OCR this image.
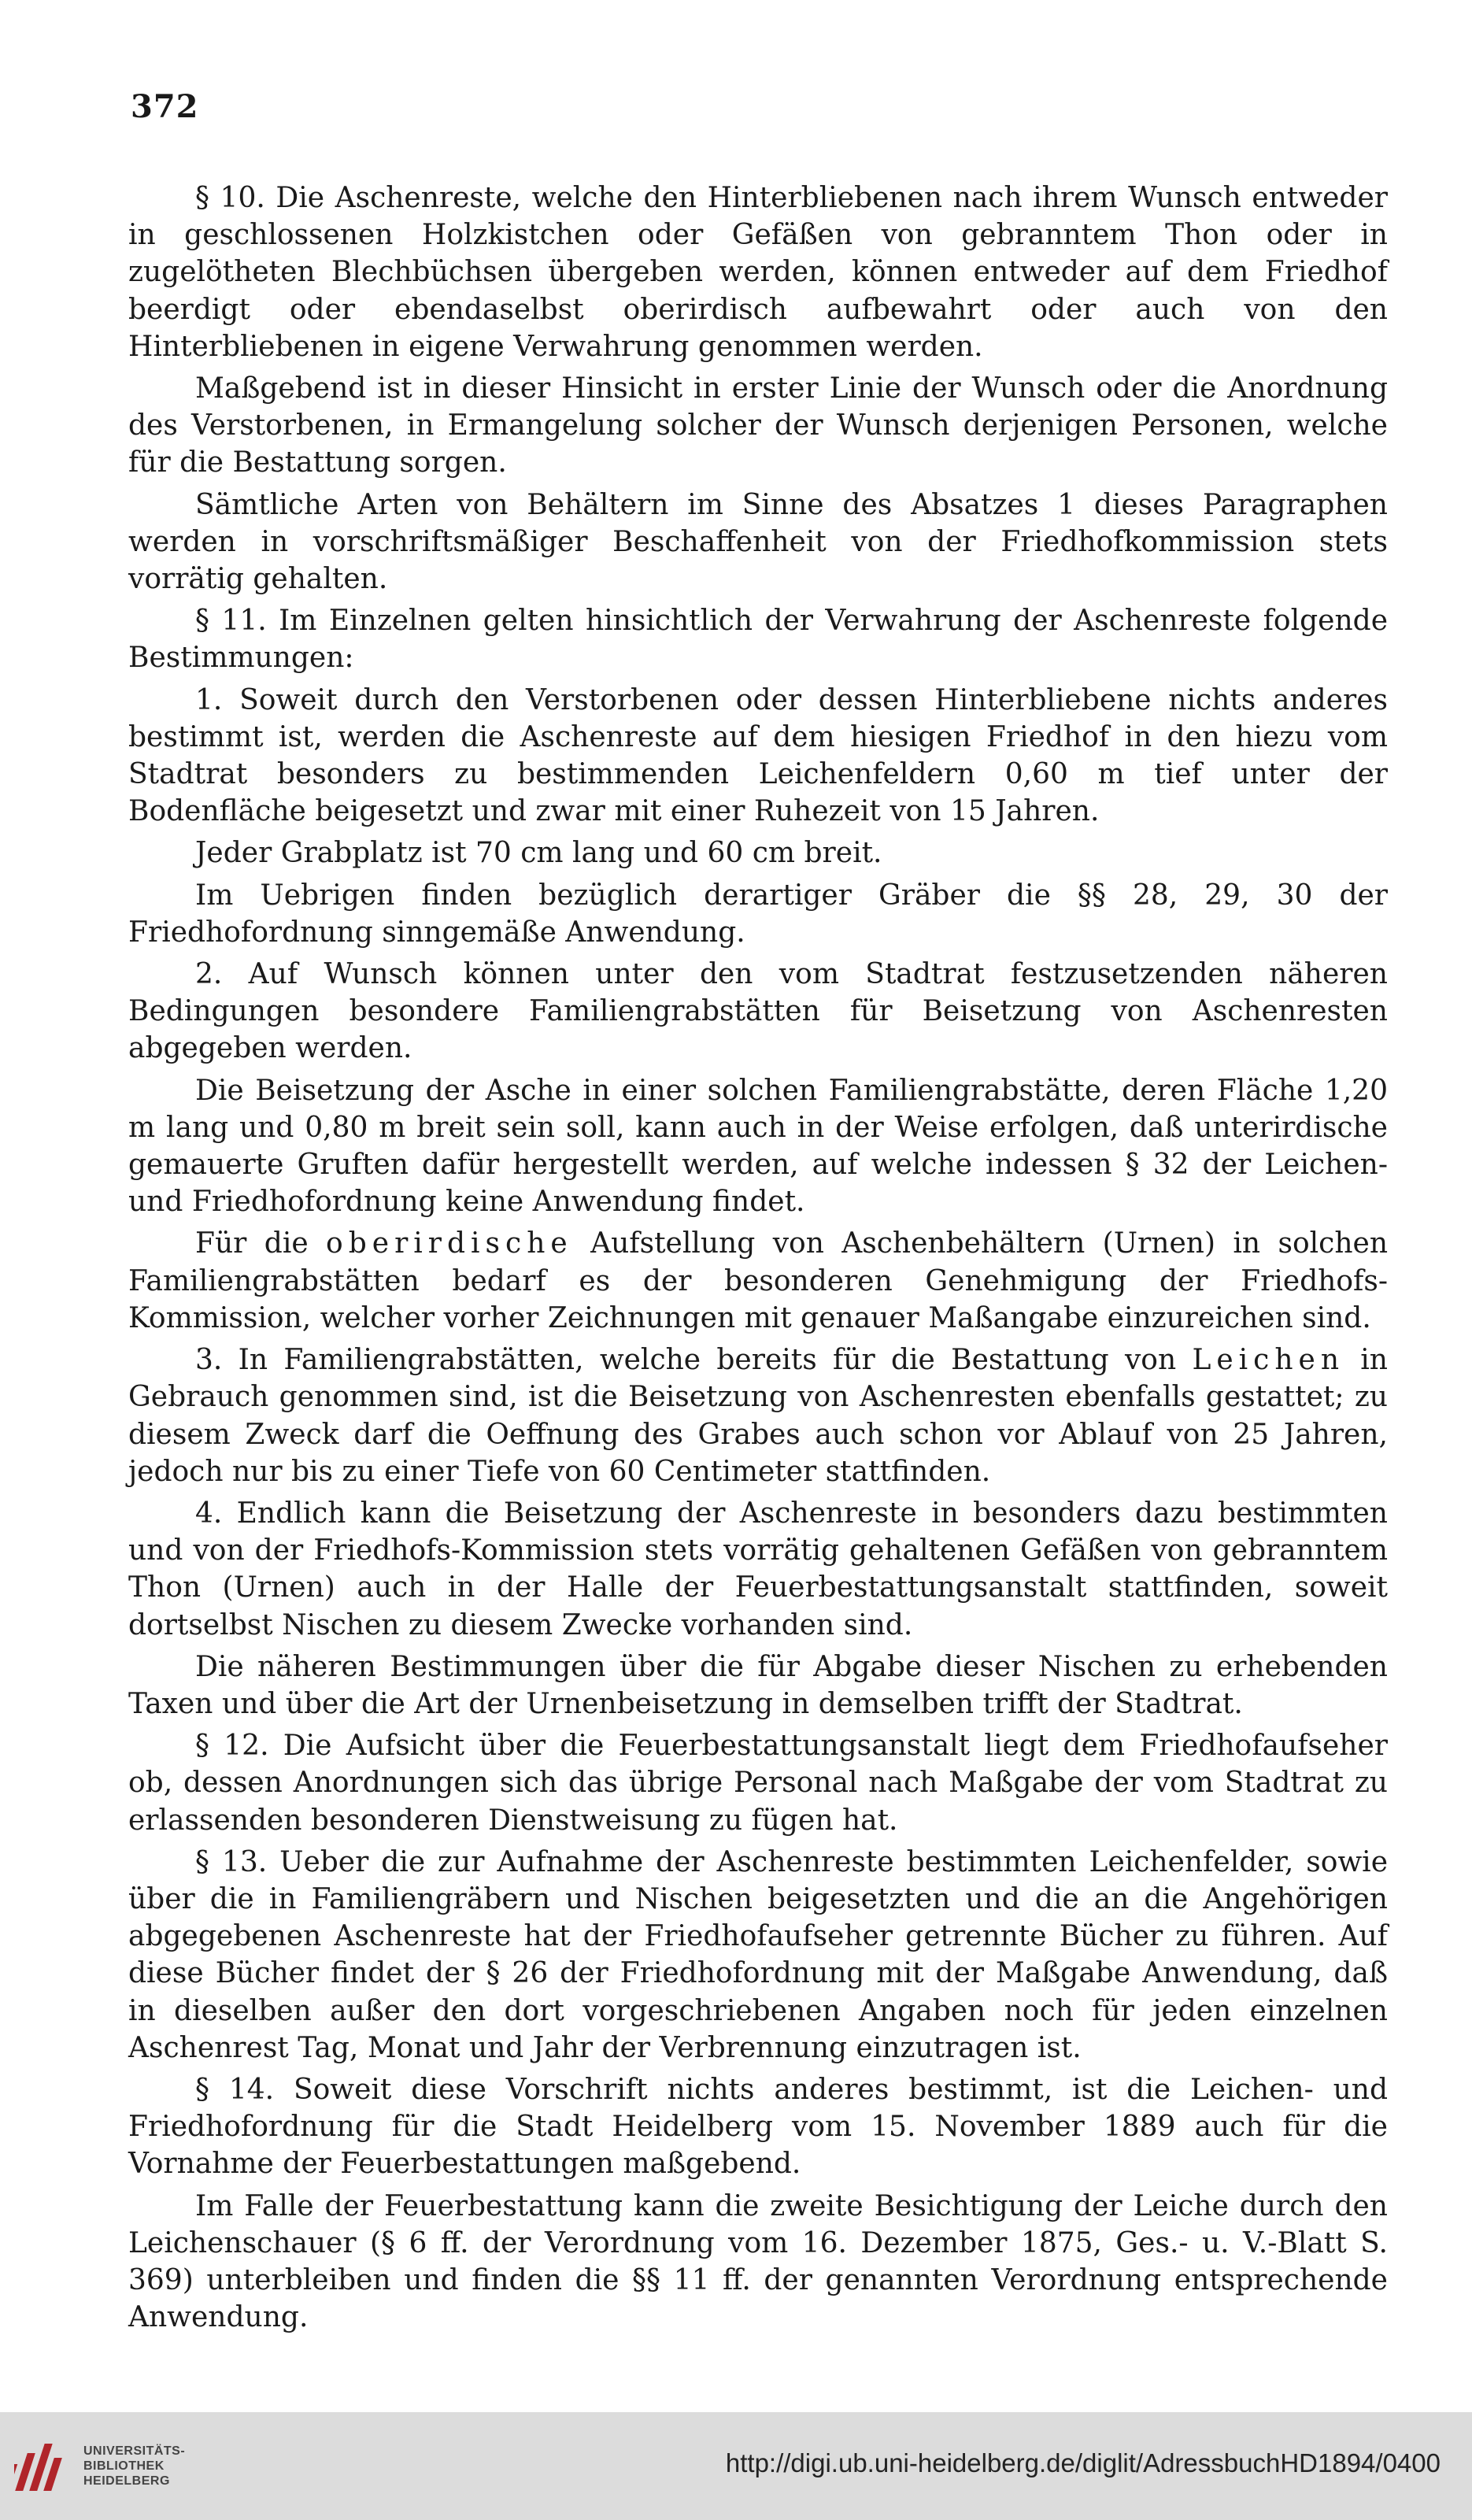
372

§ 10. Die Aschenreste, welche den Hinterbliebenen nach ihrem Wunsch entweder in geschlossenen Holzkistchen oder Gefäßen von gebranntem Thon oder in zugelötheten Blechbüchsen übergeben werden, können entweder auf dem Friedhof beerdigt oder ebendaselbst oberirdisch aufbewahrt oder auch von den Hinterbliebenen in eigene Verwahrung genommen werden.

Maßgebend ist in dieser Hinsicht in erster Linie der Wunsch oder die Anordnung des Verstorbenen, in Ermangelung solcher der Wunsch derjenigen Personen, welche für die Bestattung sorgen.

Sämtliche Arten von Behältern im Sinne des Absatzes 1 dieses Paragraphen werden in vorschriftsmäßiger Beschaffenheit von der Friedhofkommission stets vorrätig gehalten.

§ 11. Im Einzelnen gelten hinsichtlich der Verwahrung der Aschenreste folgende Bestimmungen:

1. Soweit durch den Verstorbenen oder dessen Hinterbliebene nichts anderes bestimmt ist, werden die Aschenreste auf dem hiesigen Friedhof in den hiezu vom Stadtrat besonders zu bestimmenden Leichenfeldern 0,60 m tief unter der Bodenfläche beigesetzt und zwar mit einer Ruhezeit von 15 Jahren.

Jeder Grabplatz ist 70 cm lang und 60 cm breit.

Im Uebrigen finden bezüglich derartiger Gräber die §§ 28, 29, 30 der Friedhofordnung sinngemäße Anwendung.

2. Auf Wunsch können unter den vom Stadtrat festzusetzenden näheren Bedingungen besondere Familiengrabstätten für Beisetzung von Aschenresten abgegeben werden.

Die Beisetzung der Asche in einer solchen Familiengrabstätte, deren Fläche 1,20 m lang und 0,80 m breit sein soll, kann auch in der Weise erfolgen, daß unterirdische gemauerte Gruften dafür hergestellt werden, auf welche indessen § 32 der Leichen- und Friedhofordnung keine Anwendung findet.

Für die oberirdische Aufstellung von Aschenbehältern (Urnen) in solchen Familiengrabstätten bedarf es der besonderen Genehmigung der Friedhofs-Kommission, welcher vorher Zeichnungen mit genauer Maßangabe einzureichen sind.

3. In Familiengrabstätten, welche bereits für die Bestattung von Leichen in Gebrauch genommen sind, ist die Beisetzung von Aschenresten ebenfalls gestattet; zu diesem Zweck darf die Oeffnung des Grabes auch schon vor Ablauf von 25 Jahren, jedoch nur bis zu einer Tiefe von 60 Centimeter stattfinden.

4. Endlich kann die Beisetzung der Aschenreste in besonders dazu bestimmten und von der Friedhofs-Kommission stets vorrätig gehaltenen Gefäßen von gebranntem Thon (Urnen) auch in der Halle der Feuerbestattungsanstalt stattfinden, soweit dortselbst Nischen zu diesem Zwecke vorhanden sind.

Die näheren Bestimmungen über die für Abgabe dieser Nischen zu erhebenden Taxen und über die Art der Urnenbeisetzung in demselben trifft der Stadtrat.

§ 12. Die Aufsicht über die Feuerbestattungsanstalt liegt dem Friedhofaufseher ob, dessen Anordnungen sich das übrige Personal nach Maßgabe der vom Stadtrat zu erlassenden besonderen Dienstweisung zu fügen hat.

§ 13. Ueber die zur Aufnahme der Aschenreste bestimmten Leichenfelder, sowie über die in Familiengräbern und Nischen beigesetzten und die an die Angehörigen abgegebenen Aschenreste hat der Friedhofaufseher getrennte Bücher zu führen. Auf diese Bücher findet der § 26 der Friedhofordnung mit der Maßgabe Anwendung, daß in dieselben außer den dort vorgeschriebenen Angaben noch für jeden einzelnen Aschenrest Tag, Monat und Jahr der Verbrennung einzutragen ist.

§ 14. Soweit diese Vorschrift nichts anderes bestimmt, ist die Leichen- und Friedhofordnung für die Stadt Heidelberg vom 15. November 1889 auch für die Vornahme der Feuerbestattungen maßgebend.

Im Falle der Feuerbestattung kann die zweite Besichtigung der Leiche durch den Leichenschauer (§ 6 ff. der Verordnung vom 16. Dezember 1875, Ges.- u. V.-Blatt S. 369) unterbleiben und finden die §§ 11 ff. der genannten Verordnung entsprechende Anwendung.

UNIVERSITÄTS-
BIBLIOTHEK
HEIDELBERG
http://digi.ub.uni-heidelberg.de/diglit/AdressbuchHD1894/0400
